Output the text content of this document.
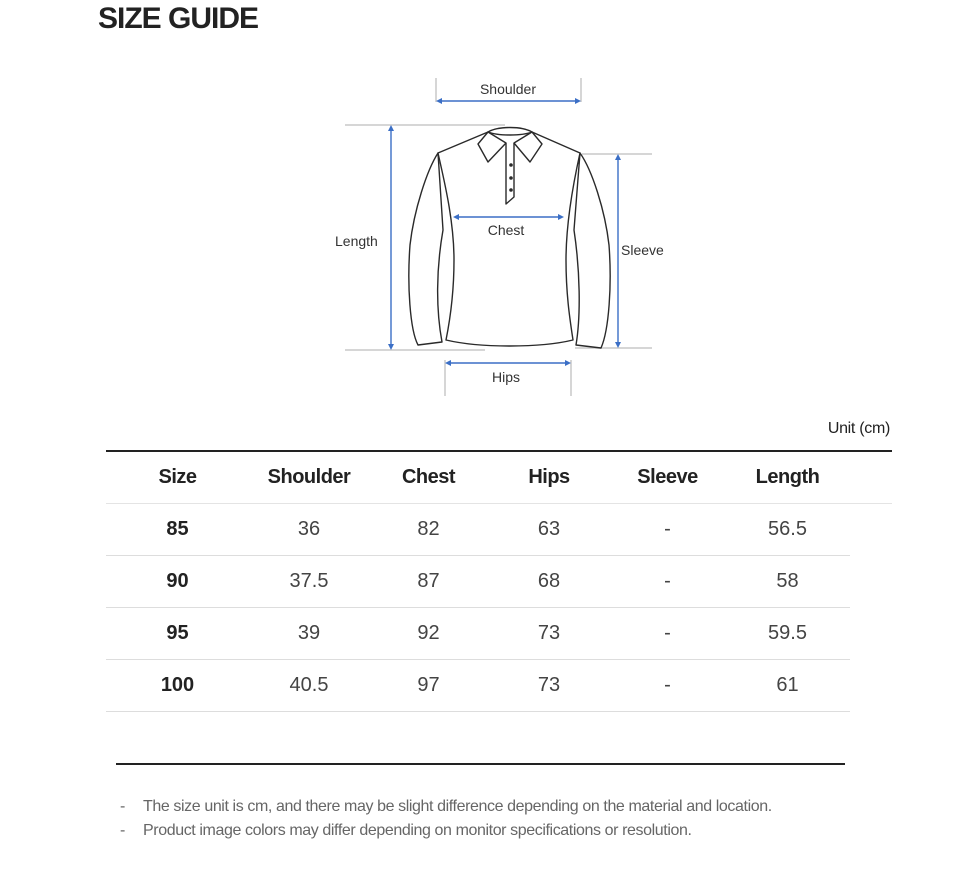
SIZE GUIDE
Shoulder
Chest
Length
Sleeve
Hips
Unit (cm)
Size	Shoulder	Chest	Hips	Sleeve	Length	
85	36	82	63	-	56.5	
90	37.5	87	68	-	58	
95	39	92	73	-	59.5	
100	40.5	97	73	-	61	
-	The size unit is cm, and there may be slight difference depending on the material and location.
-	Product image colors may differ depending on monitor specifications or resolution.
